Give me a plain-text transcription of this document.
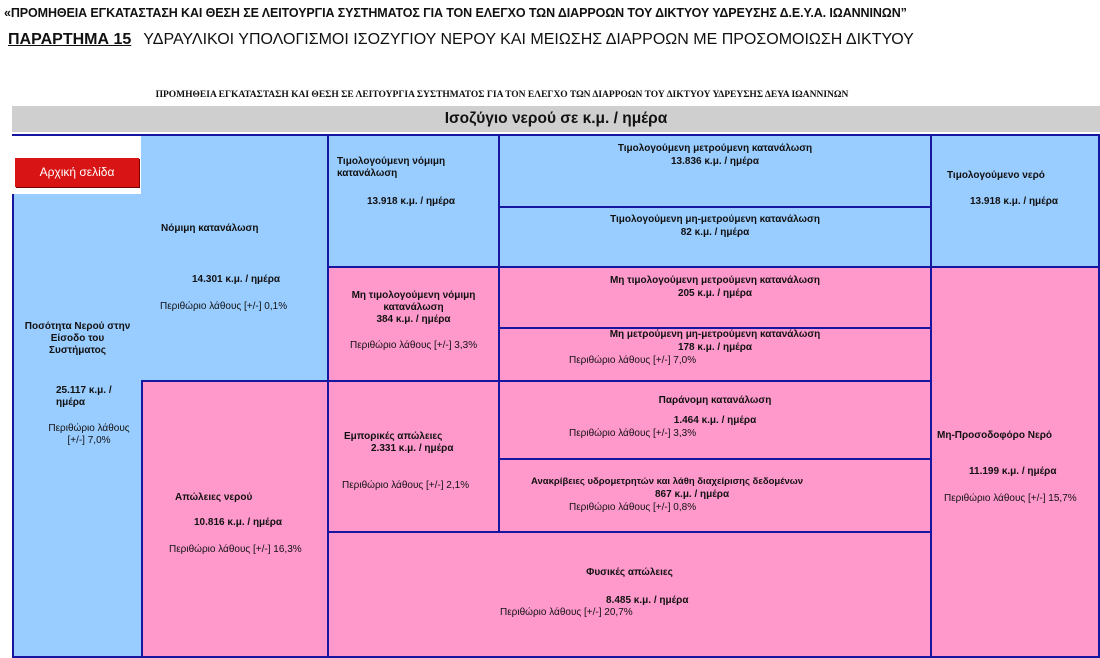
«ΠΡΟΜΗΘΕΙΑ ΕΓΚΑΤΑΣΤΑΣΗ ΚΑΙ ΘΕΣΗ ΣΕ ΛΕΙΤΟΥΡΓΙΑ ΣΥΣΤΗΜΑΤΟΣ ΓΙΑ ΤΟΝ ΕΛΕΓΧΟ ΤΩΝ ΔΙΑΡΡΟΩΝ ΤΟΥ ΔΙΚΤΥΟΥ ΥΔΡΕΥΣΗΣ Δ.Ε.Υ.Α. ΙΩΑΝΝΙΝΩΝ”
ΠΑΡΑΡΤΗΜΑ 15 ΥΔΡΑΥΛΙΚΟΙ ΥΠΟΛΟΓΙΣΜΟΙ ΙΣΟΖΥΓΙΟΥ ΝΕΡΟΥ ΚΑΙ ΜΕΙΩΣΗΣ ΔΙΑΡΡΟΩΝ ΜΕ ΠΡΟΣΟΜΟΙΩΣΗ ΔΙΚΤΥΟΥ
ΠΡΟΜΗΘΕΙΑ ΕΓΚΑΤΑΣΤΑΣΗ ΚΑΙ ΘΕΣΗ ΣΕ ΛΕΙΤΟΥΡΓΙΑ ΣΥΣΤΗΜΑΤΟΣ ΓΙΑ ΤΟΝ ΕΛΕΓΧΟ ΤΩΝ ΔΙΑΡΡΟΩΝ ΤΟΥ ΔΙΚΤΥΟΥ ΥΔΡΕΥΣΗΣ ΔΕΥΑ ΙΩΑΝΝΙΝΩΝ
Ισοζύγιο νερού σε κ.μ. / ημέρα
Ποσότητα Νερού στην
Είσοδο του
Συστήματος
25.117 κ.μ. /
ημέρα
Περιθώριο λάθους
[+/-] 7,0%
Αρχική σελίδα
Νόμιμη κατανάλωση
14.301 κ.μ. / ημέρα
Περιθώριο λάθους [+/-] 0,1%
Απώλειες νερού
10.816 κ.μ. / ημέρα
Περιθώριο λάθους [+/-] 16,3%
Τιμολογούμενη νόμιμη
κατανάλωση
13.918 κ.μ. / ημέρα
Μη τιμολογούμενη νόμιμη
κατανάλωση
384 κ.μ. / ημέρα
Περιθώριο λάθους [+/-] 3,3%
Εμπορικές απώλειες
2.331 κ.μ. / ημέρα
Περιθώριο λάθους [+/-] 2,1%
Φυσικές απώλειες
8.485 κ.μ. / ημέρα
Περιθώριο λάθους [+/-] 20,7%
Τιμολογούμενη μετρούμενη κατανάλωση
13.836 κ.μ. / ημέρα
Τιμολογούμενη μη-μετρούμενη κατανάλωση
82 κ.μ. / ημέρα
Μη τιμολογούμενη μετρούμενη κατανάλωση
205 κ.μ. / ημέρα
Μη μετρούμενη μη-μετρούμενη κατανάλωση
178 κ.μ. / ημέρα
Περιθώριο λάθους [+/-] 7,0%
Παράνομη κατανάλωση
1.464 κ.μ. / ημέρα
Περιθώριο λάθους [+/-] 3,3%
Ανακρίβειες υδρομετρητών και λάθη διαχείρισης δεδομένων
867 κ.μ. / ημέρα
Περιθώριο λάθους [+/-] 0,8%
Τιμολογούμενο νερό
13.918 κ.μ. / ημέρα
Μη-Προσοδοφόρο Νερό
11.199 κ.μ. / ημέρα
Περιθώριο λάθους [+/-] 15,7%
